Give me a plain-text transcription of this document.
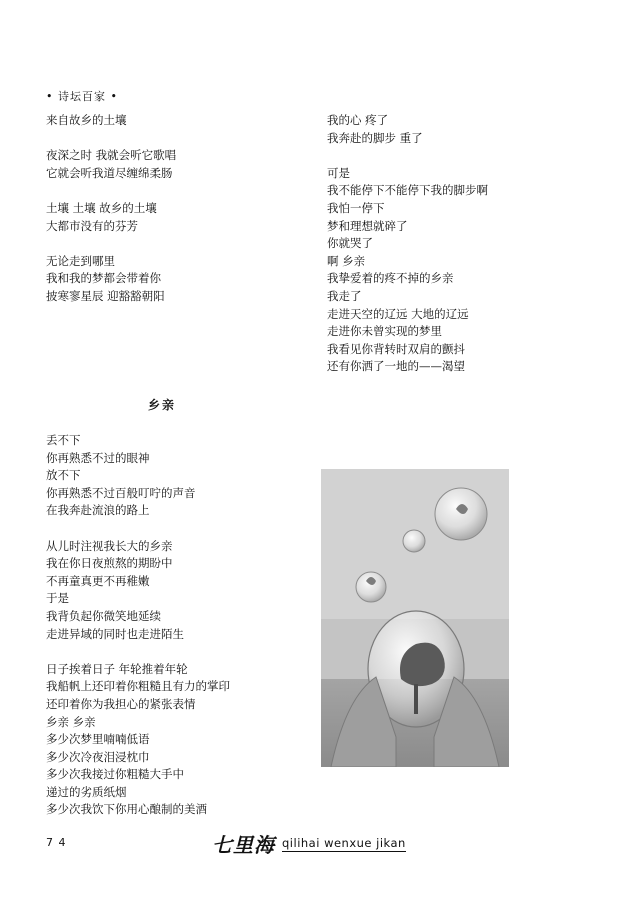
• 诗坛百家 •
来自故乡的土壤
夜深之时 我就会听它歌唱
它就会听我道尽缠绵柔肠
土壤 土壤 故乡的土壤
大都市没有的芬芳
无论走到哪里
我和我的梦都会带着你
披寒寥星辰 迎豁豁朝阳
我的心 疼了
我奔赴的脚步 重了
可是
我不能停下不能停下我的脚步啊
我怕一停下
梦和理想就碎了
你就哭了
啊 乡亲
我挚爱着的疼不掉的乡亲
我走了
走进天空的辽远 大地的辽远
走进你未曾实现的梦里
我看见你背转时双肩的颤抖
还有你洒了一地的——渴望
乡亲
丢不下
你再熟悉不过的眼神
放不下
你再熟悉不过百般叮咛的声音
在我奔赴流浪的路上
从儿时注视我长大的乡亲
我在你日夜煎熬的期盼中
不再童真更不再稚嫩
于是
我背负起你微笑地延续
走进异域的同时也走进陌生
日子挨着日子 年轮推着年轮
我船帆上还印着你粗糙且有力的掌印
还印着你为我担心的紧张表情
乡亲 乡亲
多少次梦里喃喃低语
多少次冷夜泪浸枕巾
多少次我接过你粗糙大手中
递过的劣质纸烟
多少次我饮下你用心酿制的美酒
7 4	七里海 qilihai wenxue jikan
